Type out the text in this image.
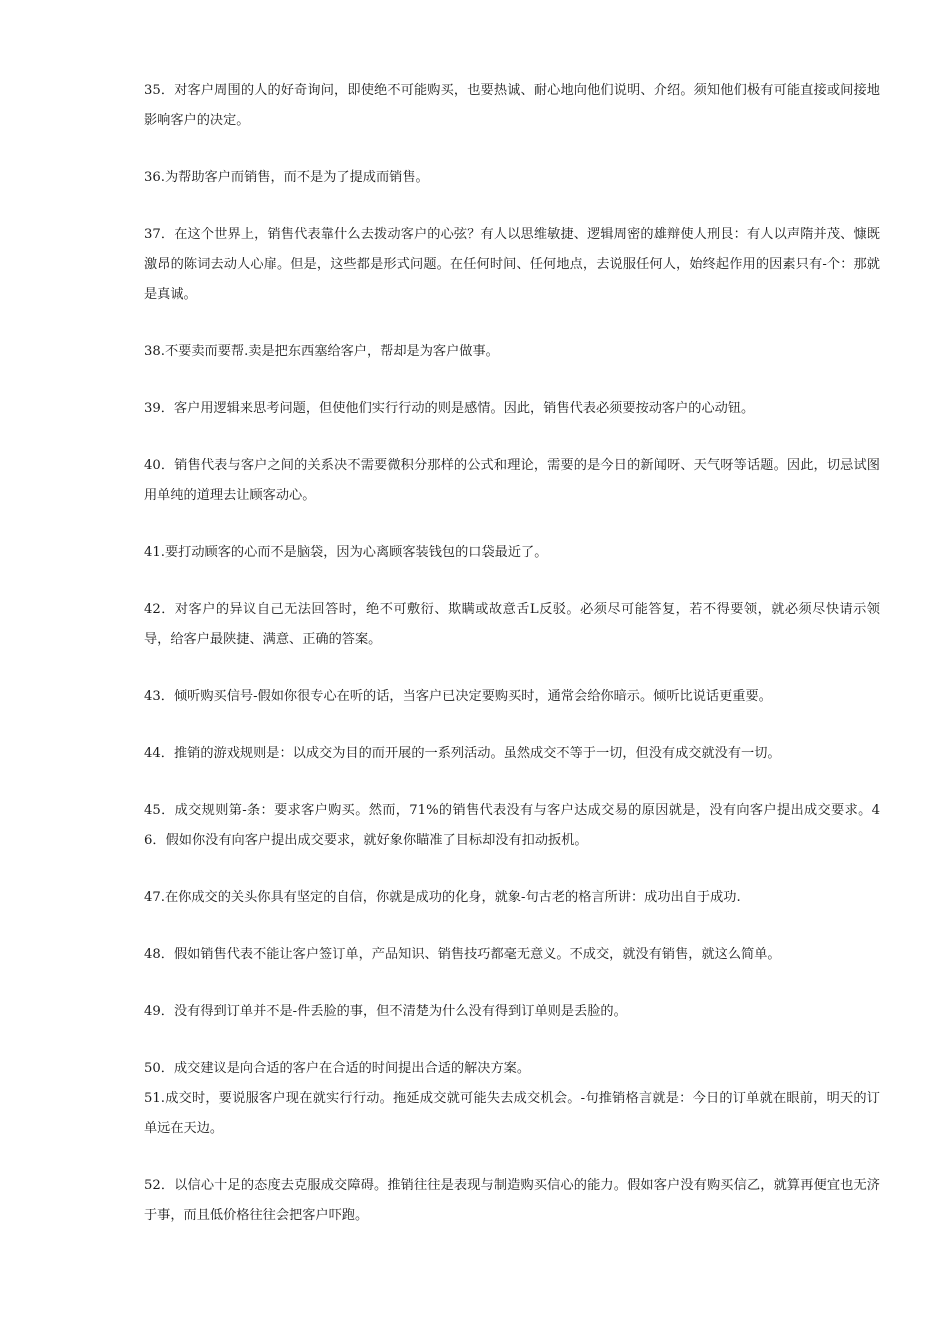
35．对客户周围的人的好奇询问，即使绝不可能购买，也要热诚、耐心地向他们说明、介绍。须知他们极有可能直接或间接地影响客户的决定。

36.为帮助客户而销售，而不是为了提成而销售。

37．在这个世界上，销售代表靠什么去拨动客户的心弦？有人以思维敏捷、逻辑周密的雄辩使人刑艮：有人以声隋并茂、慷既激昂的陈词去动人心扉。但是，这些都是形式问题。在任何时间、任何地点，去说服任何人，始终起作用的因素只有-个：那就是真诚。

38.不要卖而要帮.卖是把东西塞给客户，帮却是为客户做事。

39．客户用逻辑来思考问题，但使他们实行行动的则是感情。因此，销售代表必须要按动客户的心动钮。

40．销售代表与客户之间的关系决不需要微积分那样的公式和理论，需要的是今日的新闻呀、天气呀等话题。因此，切忌试图用单纯的道理去让顾客动心。

41.要打动顾客的心而不是脑袋，因为心离顾客装钱包的口袋最近了。

42．对客户的异议自己无法回答时，绝不可敷衍、欺瞒或故意舌L反驳。必须尽可能答复，若不得要领，就必须尽快请示领导，给客户最陕捷、满意、正确的答案。

43．倾听购买信号-假如你很专心在听的话，当客户已决定要购买时，通常会给你暗示。倾听比说话更重要。

44．推销的游戏规则是：以成交为目的而开展的一系列活动。虽然成交不等于一切，但没有成交就没有一切。

45．成交规则第-条：要求客户购买。然而，71%的销售代表没有与客户达成交易的原因就是，没有向客户提出成交要求。46．假如你没有向客户提出成交要求，就好象你瞄准了目标却没有扣动扳机。

47.在你成交的关头你具有坚定的自信，你就是成功的化身，就象-句古老的格言所讲：成功出自于成功.

48．假如销售代表不能让客户签订单，产品知识、销售技巧都毫无意义。不成交，就没有销售，就这么简单。

49．没有得到订单并不是-件丢脸的事，但不清楚为什么没有得到订单则是丢脸的。

50．成交建议是向合适的客户在合适的时间提出合适的解决方案。

51.成交时，要说服客户现在就实行行动。拖延成交就可能失去成交机会。-句推销格言就是：今日的订单就在眼前，明天的订单远在天边。

52．以信心十足的态度去克服成交障碍。推销往往是表现与制造购买信心的能力。假如客户没有购买信乙，就算再便宜也无济于事，而且低价格往往会把客户吓跑。
